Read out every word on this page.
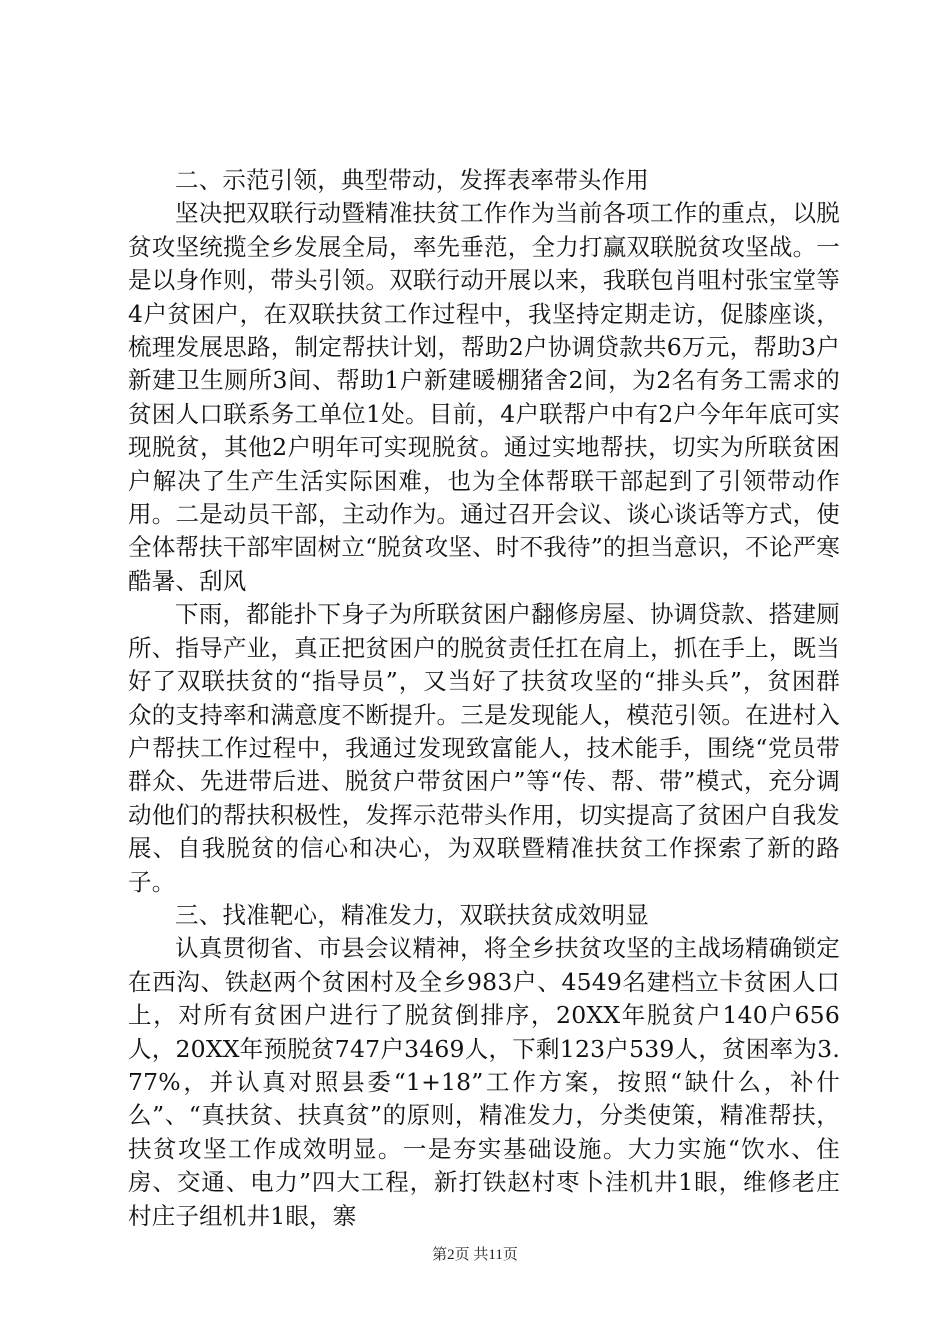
二、示范引领，典型带动，发挥表率带头作用

坚决把双联行动暨精准扶贫工作作为当前各项工作的重点，以脱贫攻坚统揽全乡发展全局，率先垂范，全力打赢双联脱贫攻坚战。一是以身作则，带头引领。双联行动开展以来，我联包肖咀村张宝堂等4户贫困户，在双联扶贫工作过程中，我坚持定期走访，促膝座谈，梳理发展思路，制定帮扶计划，帮助2户协调贷款共6万元，帮助3户新建卫生厕所3间、帮助1户新建暖棚猪舍2间，为2名有务工需求的贫困人口联系务工单位1处。目前，4户联帮户中有2户今年年底可实现脱贫，其他2户明年可实现脱贫。通过实地帮扶，切实为所联贫困户解决了生产生活实际困难，也为全体帮联干部起到了引领带动作用。二是动员干部，主动作为。通过召开会议、谈心谈话等方式，使全体帮扶干部牢固树立“脱贫攻坚、时不我待”的担当意识，不论严寒酷暑、刮风

下雨，都能扑下身子为所联贫困户翻修房屋、协调贷款、搭建厕所、指导产业，真正把贫困户的脱贫责任扛在肩上，抓在手上，既当好了双联扶贫的“指导员”，又当好了扶贫攻坚的“排头兵”，贫困群众的支持率和满意度不断提升。三是发现能人，模范引领。在进村入户帮扶工作过程中，我通过发现致富能人，技术能手，围绕“党员带群众、先进带后进、脱贫户带贫困户”等“传、帮、带”模式，充分调动他们的帮扶积极性，发挥示范带头作用，切实提高了贫困户自我发展、自我脱贫的信心和决心，为双联暨精准扶贫工作探索了新的路子。

三、找准靶心，精准发力，双联扶贫成效明显

认真贯彻省、市县会议精神，将全乡扶贫攻坚的主战场精确锁定在西沟、铁赵两个贫困村及全乡983户、4549名建档立卡贫困人口上，对所有贫困户进行了脱贫倒排序，20XX年脱贫户140户656人，20XX年预脱贫747户3469人，下剩123户539人，贫困率为3.77%，并认真对照县委“1+18”工作方案，按照“缺什么，补什么”、“真扶贫、扶真贫”的原则，精准发力，分类使策，精准帮扶，扶贫攻坚工作成效明显。一是夯实基础设施。大力实施“饮水、住房、交通、电力”四大工程，新打铁赵村枣卜洼机井1眼，维修老庄村庄子组机井1眼，寨

第2页 共11页
